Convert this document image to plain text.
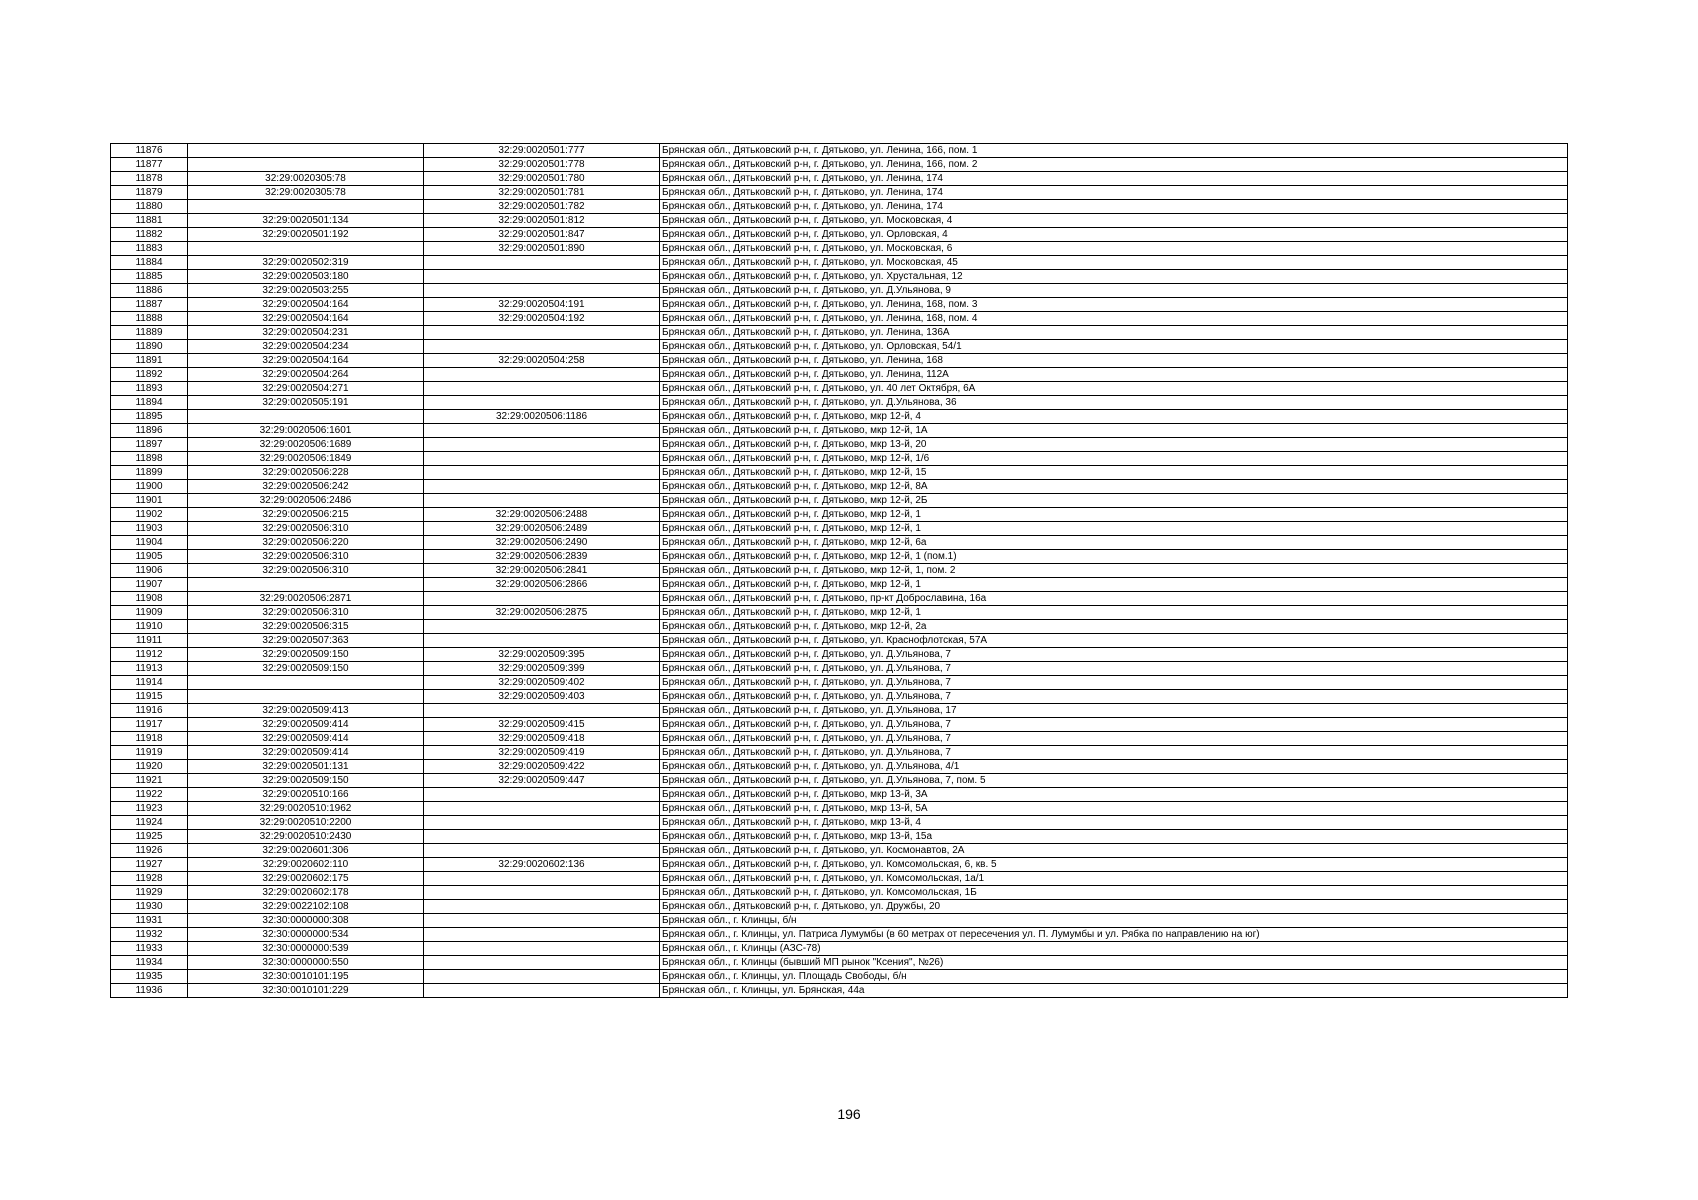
11876		32:29:0020501:777	Брянская обл., Дятьковский р-н, г. Дятьково, ул. Ленина, 166, пом. 1
11877		32:29:0020501:778	Брянская обл., Дятьковский р-н, г. Дятьково, ул. Ленина, 166, пом. 2
11878	32:29:0020305:78	32:29:0020501:780	Брянская обл., Дятьковский р-н, г. Дятьково, ул. Ленина, 174
11879	32:29:0020305:78	32:29:0020501:781	Брянская обл., Дятьковский р-н, г. Дятьково, ул. Ленина, 174
11880		32:29:0020501:782	Брянская обл., Дятьковский р-н, г. Дятьково, ул. Ленина, 174
11881	32:29:0020501:134	32:29:0020501:812	Брянская обл., Дятьковский р-н, г. Дятьково, ул. Московская, 4
11882	32:29:0020501:192	32:29:0020501:847	Брянская обл., Дятьковский р-н, г. Дятьково, ул. Орловская, 4
11883		32:29:0020501:890	Брянская обл., Дятьковский р-н, г. Дятьково, ул. Московская, 6
11884	32:29:0020502:319		Брянская обл., Дятьковский р-н, г. Дятьково, ул. Московская, 45
11885	32:29:0020503:180		Брянская обл., Дятьковский р-н, г. Дятьково, ул. Хрустальная, 12
11886	32:29:0020503:255		Брянская обл., Дятьковский р-н, г. Дятьково, ул. Д.Ульянова, 9
11887	32:29:0020504:164	32:29:0020504:191	Брянская обл., Дятьковский р-н, г. Дятьково, ул. Ленина, 168, пом. 3
11888	32:29:0020504:164	32:29:0020504:192	Брянская обл., Дятьковский р-н, г. Дятьково, ул. Ленина, 168, пом. 4
11889	32:29:0020504:231		Брянская обл., Дятьковский р-н, г. Дятьково, ул. Ленина, 136А
11890	32:29:0020504:234		Брянская обл., Дятьковский р-н, г. Дятьково, ул. Орловская, 54/1
11891	32:29:0020504:164	32:29:0020504:258	Брянская обл., Дятьковский р-н, г. Дятьково, ул. Ленина, 168
11892	32:29:0020504:264		Брянская обл., Дятьковский р-н, г. Дятьково, ул. Ленина, 112А
11893	32:29:0020504:271		Брянская обл., Дятьковский р-н, г. Дятьково, ул. 40 лет Октября, 6А
11894	32:29:0020505:191		Брянская обл., Дятьковский р-н, г. Дятьково, ул. Д.Ульянова, 36
11895		32:29:0020506:1186	Брянская обл., Дятьковский р-н, г. Дятьково, мкр 12-й, 4
11896	32:29:0020506:1601		Брянская обл., Дятьковский р-н, г. Дятьково, мкр 12-й, 1А
11897	32:29:0020506:1689		Брянская обл., Дятьковский р-н, г. Дятьково, мкр 13-й, 20
11898	32:29:0020506:1849		Брянская обл., Дятьковский р-н, г. Дятьково, мкр 12-й, 1/6
11899	32:29:0020506:228		Брянская обл., Дятьковский р-н, г. Дятьково, мкр 12-й, 15
11900	32:29:0020506:242		Брянская обл., Дятьковский р-н, г. Дятьково, мкр 12-й, 8А
11901	32:29:0020506:2486		Брянская обл., Дятьковский р-н, г. Дятьково, мкр 12-й, 2Б
11902	32:29:0020506:215	32:29:0020506:2488	Брянская обл., Дятьковский р-н, г. Дятьково, мкр 12-й, 1
11903	32:29:0020506:310	32:29:0020506:2489	Брянская обл., Дятьковский р-н, г. Дятьково, мкр 12-й, 1
11904	32:29:0020506:220	32:29:0020506:2490	Брянская обл., Дятьковский р-н, г. Дятьково, мкр 12-й, 6а
11905	32:29:0020506:310	32:29:0020506:2839	Брянская обл., Дятьковский р-н, г. Дятьково, мкр 12-й, 1 (пом.1)
11906	32:29:0020506:310	32:29:0020506:2841	Брянская обл., Дятьковский р-н, г. Дятьково, мкр 12-й, 1, пом. 2
11907		32:29:0020506:2866	Брянская обл., Дятьковский р-н, г. Дятьково, мкр 12-й, 1
11908	32:29:0020506:2871		Брянская обл., Дятьковский р-н, г. Дятьково, пр-кт Доброславина, 16а
11909	32:29:0020506:310	32:29:0020506:2875	Брянская обл., Дятьковский р-н, г. Дятьково, мкр 12-й, 1
11910	32:29:0020506:315		Брянская обл., Дятьковский р-н, г. Дятьково, мкр 12-й, 2а
11911	32:29:0020507:363		Брянская обл., Дятьковский р-н, г. Дятьково, ул. Краснофлотская, 57А
11912	32:29:0020509:150	32:29:0020509:395	Брянская обл., Дятьковский р-н, г. Дятьково, ул. Д.Ульянова, 7
11913	32:29:0020509:150	32:29:0020509:399	Брянская обл., Дятьковский р-н, г. Дятьково, ул. Д.Ульянова, 7
11914		32:29:0020509:402	Брянская обл., Дятьковский р-н, г. Дятьково, ул. Д.Ульянова, 7
11915		32:29:0020509:403	Брянская обл., Дятьковский р-н, г. Дятьково, ул. Д.Ульянова, 7
11916	32:29:0020509:413		Брянская обл., Дятьковский р-н, г. Дятьково, ул. Д.Ульянова, 17
11917	32:29:0020509:414	32:29:0020509:415	Брянская обл., Дятьковский р-н, г. Дятьково, ул. Д.Ульянова, 7
11918	32:29:0020509:414	32:29:0020509:418	Брянская обл., Дятьковский р-н, г. Дятьково, ул. Д.Ульянова, 7
11919	32:29:0020509:414	32:29:0020509:419	Брянская обл., Дятьковский р-н, г. Дятьково, ул. Д.Ульянова, 7
11920	32:29:0020501:131	32:29:0020509:422	Брянская обл., Дятьковский р-н, г. Дятьково, ул. Д.Ульянова, 4/1
11921	32:29:0020509:150	32:29:0020509:447	Брянская обл., Дятьковский р-н, г. Дятьково, ул. Д.Ульянова, 7, пом. 5
11922	32:29:0020510:166		Брянская обл., Дятьковский р-н, г. Дятьково, мкр 13-й, 3А
11923	32:29:0020510:1962		Брянская обл., Дятьковский р-н, г. Дятьково, мкр 13-й, 5А
11924	32:29:0020510:2200		Брянская обл., Дятьковский р-н, г. Дятьково, мкр 13-й, 4
11925	32:29:0020510:2430		Брянская обл., Дятьковский р-н, г. Дятьково, мкр 13-й, 15а
11926	32:29:0020601:306		Брянская обл., Дятьковский р-н, г. Дятьково, ул. Космонавтов, 2А
11927	32:29:0020602:110	32:29:0020602:136	Брянская обл., Дятьковский р-н, г. Дятьково, ул. Комсомольская, 6, кв. 5
11928	32:29:0020602:175		Брянская обл., Дятьковский р-н, г. Дятьково, ул. Комсомольская, 1а/1
11929	32:29:0020602:178		Брянская обл., Дятьковский р-н, г. Дятьково, ул. Комсомольская, 1Б
11930	32:29:0022102:108		Брянская обл., Дятьковский р-н, г. Дятьково, ул. Дружбы, 20
11931	32:30:0000000:308		Брянская обл., г. Клинцы, б/н
11932	32:30:0000000:534		Брянская обл., г. Клинцы, ул. Патриса Лумумбы (в 60 метрах от пересечения ул. П. Лумумбы и ул. Рябка по направлению на юг)
11933	32:30:0000000:539		Брянская обл., г. Клинцы (АЗС-78)
11934	32:30:0000000:550		Брянская обл., г. Клинцы (бывший МП рынок "Ксения", №26)
11935	32:30:0010101:195		Брянская обл., г. Клинцы, ул. Площадь Свободы, б/н
11936	32:30:0010101:229		Брянская обл., г. Клинцы, ул. Брянская, 44а
196
